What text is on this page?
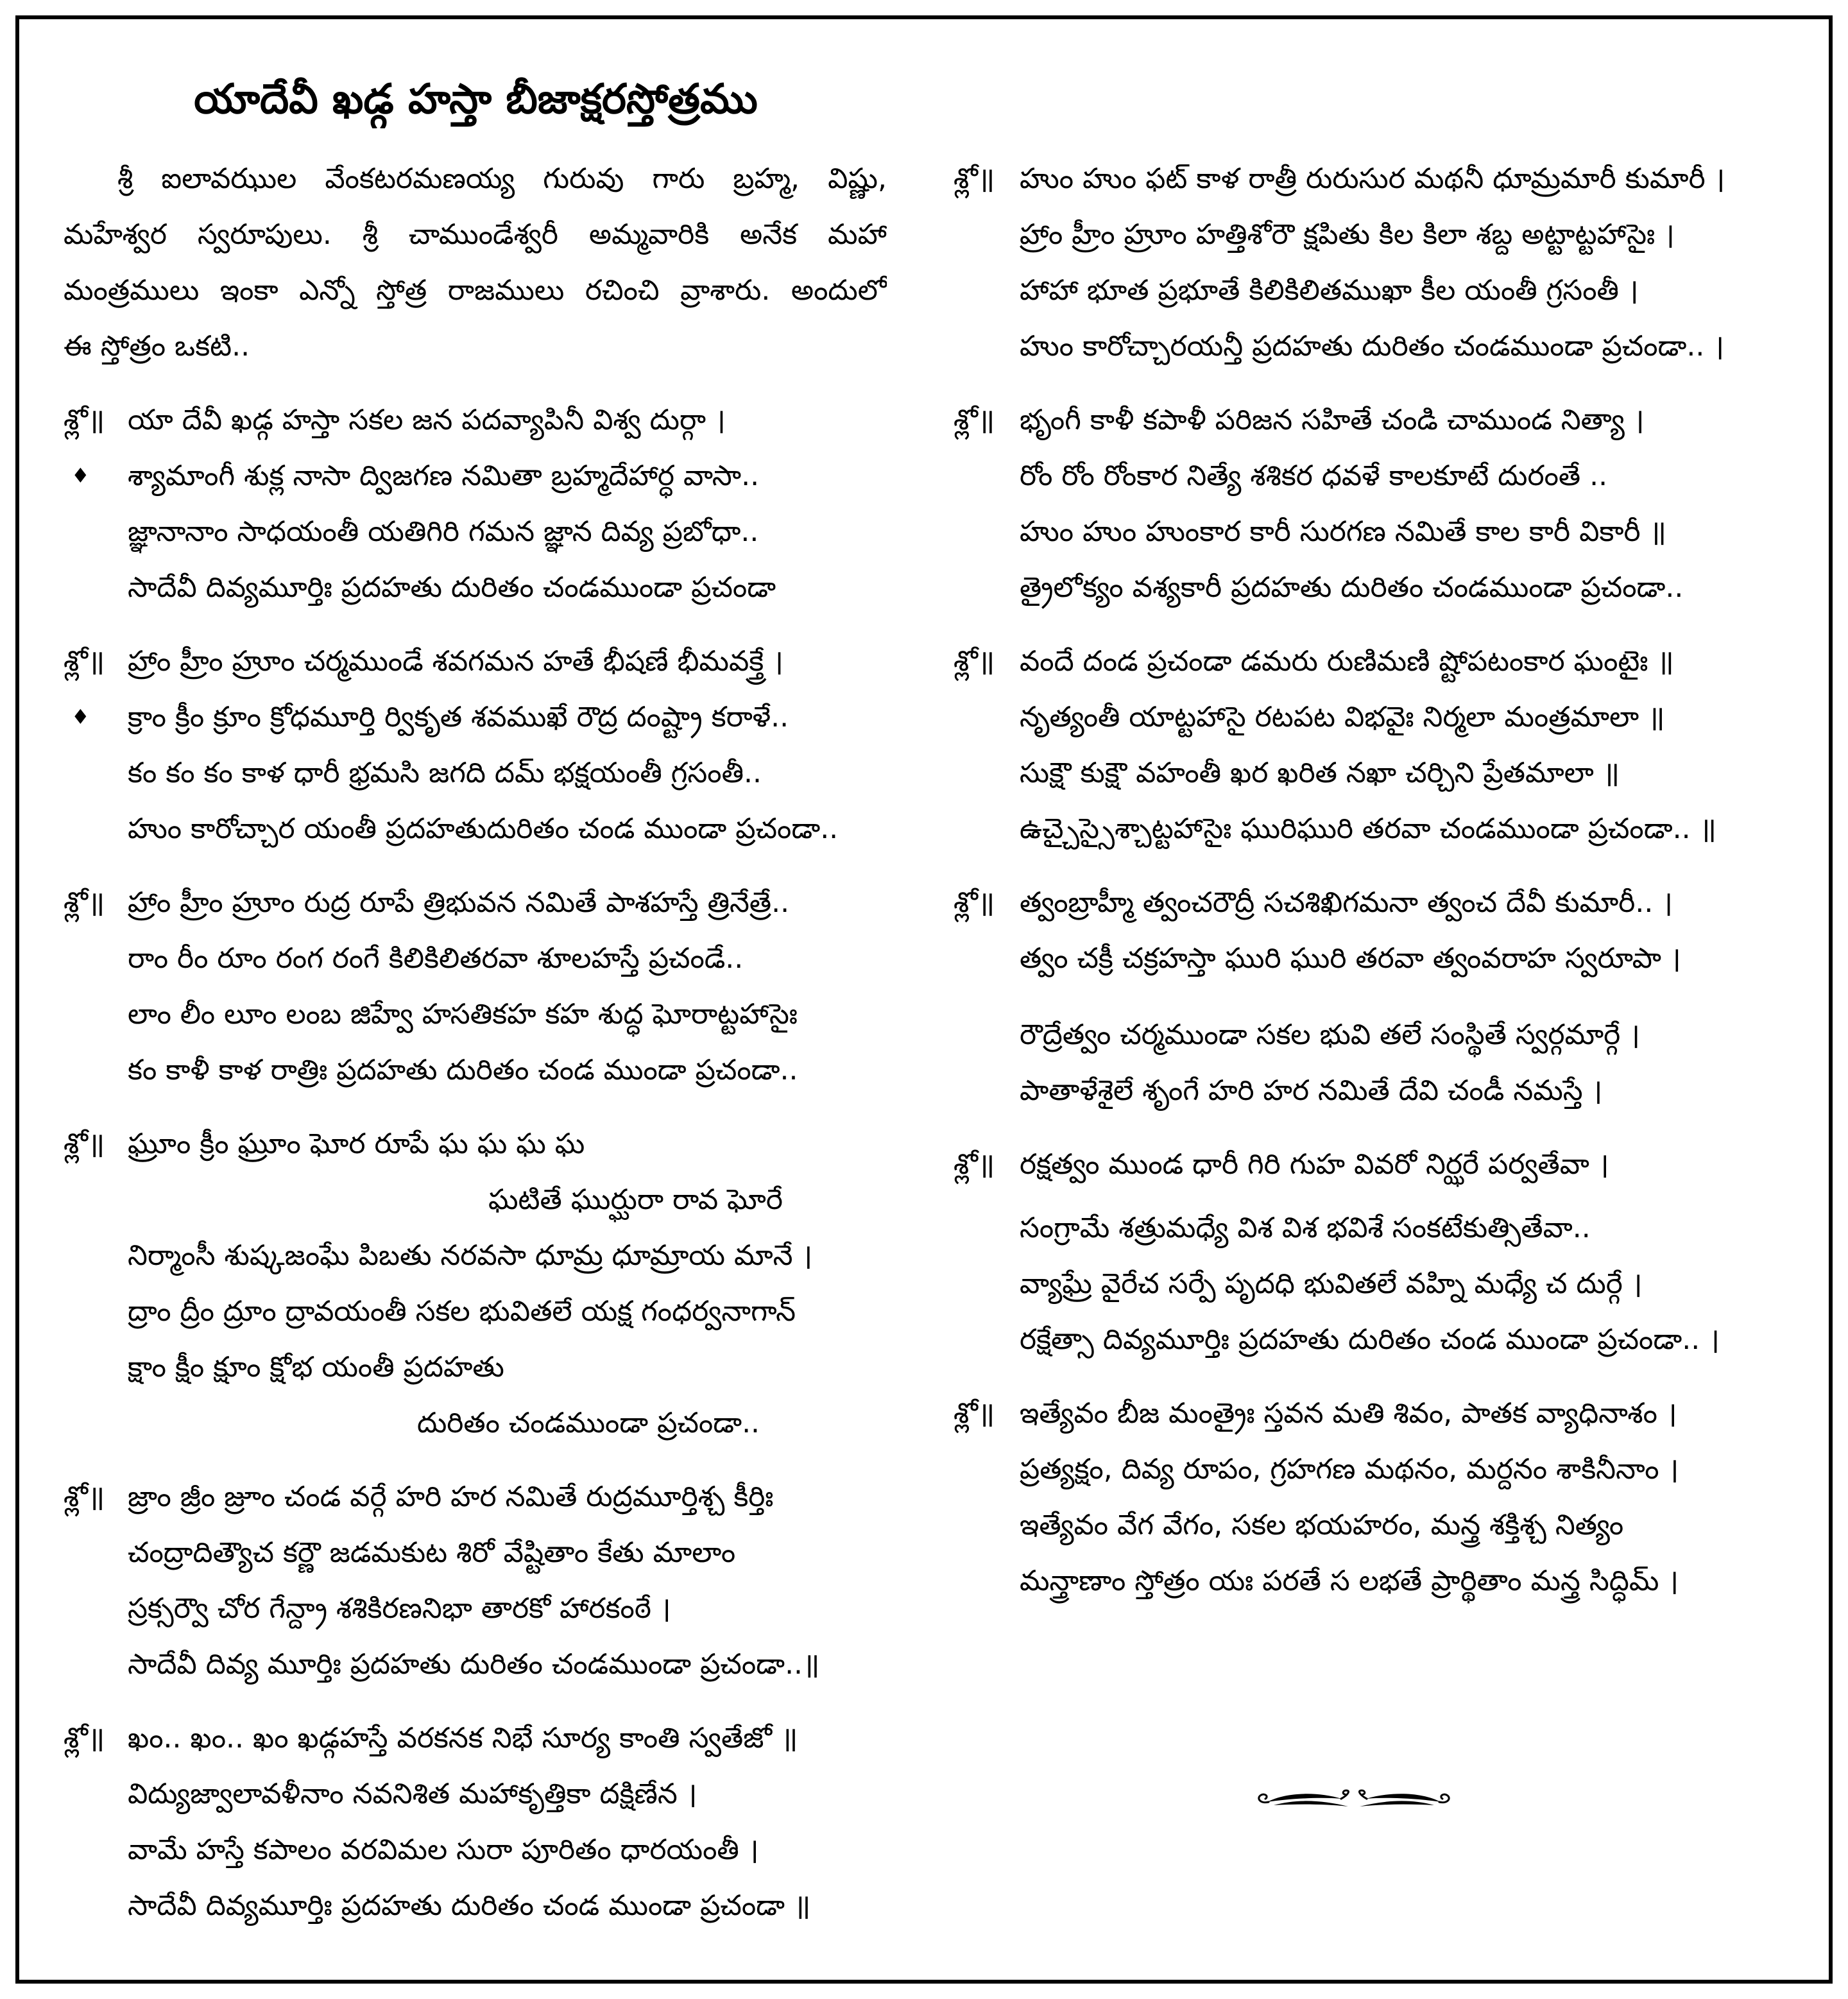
యాదేవీ ఖడ్గ హస్తా బీజాక్షరస్తోత్రము
శ్రీ ఐలావఝుల వేంకటరమణయ్య గురువు గారు బ్రహ్మ, విష్ణు,
మహేశ్వర స్వరూపులు. శ్రీ చాముండేశ్వరీ అమ్మవారికి అనేక మహా
మంత్రములు ఇంకా ఎన్నో స్తోత్ర రాజములు రచించి వ్రాశారు. అందులో
ఈ స్తోత్రం ఒకటి..
శ్లో॥
♦
యా దేవీ ఖడ్గ హస్తా సకల జన పదవ్యాపినీ విశ్వ దుర్గా ।
శ్యామాంగీ శుక్ల నాసా ద్విజగణ నమితా బ్రహ్మదేహార్ధ వాసా..
జ్ఞానానాం సాధయంతీ యతిగిరి గమన జ్ఞాన దివ్య ప్రబోధా..
సాదేవీ దివ్యమూర్తిః ప్రదహతు దురితం చండముండా ప్రచండా
శ్లో॥
♦
హ్రాం హ్రీం హ్రూం చర్మముండే శవగమన హతే భీషణే భీమవక్త్రే ।
క్రాం క్రీం క్రూం క్రోధమూర్తి ర్వికృత శవముఖే రౌద్ర దంష్ట్రా కరాళే..
కం కం కం కాళ ధారీ భ్రమసి జగది దమ్ భక్షయంతీ గ్రసంతీ..
హుం కారోచ్చార యంతీ ప్రదహతుదురితం చండ ముండా ప్రచండా..
శ్లో॥ హ్రాం హ్రీం హ్రూం రుద్ర రూపే త్రిభువన నమితే పాశహస్తే త్రినేత్రే..
రాం రీం రూం రంగ రంగే కిలికిలితరవా శూలహస్తే ప్రచండే..
లాం లీం లూం లంబ జిహ్వే హసతికహ కహ శుద్ధ ఘోరాట్టహాసైః
కం కాళీ కాళ రాత్రిః ప్రదహతు దురితం చండ ముండా ప్రచండా..
శ్లో॥ ఘ్రూం క్రీం ఘ్రూం ఘోర రూపే ఘ ఘ ఘ ఘ
ఘటితే ఘుర్ఘురా రావ ఘోరే
నిర్మాంసీ శుష్కజంఘే పిబతు నరవసా ధూమ్ర ధూమ్రాయ మానే ।
ద్రాం ద్రీం ద్రూం ద్రావయంతీ సకల భువితలే యక్ష గంధర్వనాగాన్
క్షాం క్షీం క్షూం క్షోభ యంతీ ప్రదహతు
దురితం చండముండా ప్రచండా..
శ్లో॥ జ్రాం జ్రీం జ్రూం చండ వర్గే హరి హర నమితే రుద్రమూర్తిశ్చ కీర్తిః
చంద్రాదిత్యౌచ కర్ణౌ జడమకుట శిరో వేష్టితాం కేతు మాలాం
స్రక్సర్వౌ చోర గేన్ద్రా శశికిరణనిభా తారకో హారకంఠే ।
సాదేవీ దివ్య మూర్తిః ప్రదహతు దురితం చండముండా ప్రచండా..॥
శ్లో॥ ఖం.. ఖం.. ఖం ఖడ్గహస్తే వరకనక నిభే సూర్య కాంతి స్వతేజో ॥
విద్యుజ్వాలావళీనాం నవనిశిత మహాకృత్తికా దక్షిణేన ।
వామే హస్తే కపాలం వరవిమల సురా పూరితం ధారయంతీ ।
సాదేవీ దివ్యమూర్తిః ప్రదహతు దురితం చండ ముండా ప్రచండా ॥
శ్లో॥ హుం హుం ఫట్ కాళ రాత్రీ రురుసుర మథనీ ధూమ్రమారీ కుమారీ ।
హ్రాం హ్రీం హ్రూం హత్తిశోరౌ క్షపితు కిల కిలా శబ్ద అట్టాట్టహాసైః ।
హాహా భూత ప్రభూతే కిలికిలితముఖా కీల యంతీ గ్రసంతీ ।
హుం కారోచ్చారయన్తీ ప్రదహతు దురితం చండముండా ప్రచండా.. ।
శ్లో॥ భృంగీ కాళీ కపాళీ పరిజన సహితే చండి చాముండ నిత్యా ।
రోం రోం రోంకార నిత్యే శశికర ధవళే కాలకూటే దురంతే ..
హుం హుం హుంకార కారీ సురగణ నమితే కాల కారీ వికారీ ॥
త్రైలోక్యం వశ్యకారీ ప్రదహతు దురితం చండముండా ప్రచండా..
శ్లో॥ వందే దండ ప్రచండా డమరు రుణిమణి ష్టోపటంకార ఘంటైః ॥
నృత్యంతీ యాట్టహాసై రటపట విభవైః నిర్మలా మంత్రమాలా ॥
సుక్షౌ కుక్షౌ వహంతీ ఖర ఖరిత నఖా చర్చిని ప్రేతమాలా ॥
ఉచ్చైస్సైశ్చాట్టహాసైః ఘురిఘురి తరవా చండముండా ప్రచండా.. ॥
శ్లో॥ త్వంబ్రాహ్మీ త్వంచరౌద్రీ సచశిఖిగమనా త్వంచ దేవీ కుమారీ.. ।
త్వం చక్రీ చక్రహస్తా ఘురి ఘురి తరవా త్వంవరాహ స్వరూపా ।
రౌద్రేత్వం చర్మముండా సకల భువి తలే సంస్థితే స్వర్గమార్గే ।
పాతాళేశైలే శృంగే హరి హర నమితే దేవి చండీ నమస్తే ।
శ్లో॥ రక్షత్వం ముండ ధారీ గిరి గుహ వివరో నిర్ఝరే పర్వతేవా ।
సంగ్రామే శత్రుమధ్యే విశ విశ భవిశే సంకటేకుత్సితేవా..
వ్యాఘ్రే వైరేచ సర్పే పృదధి భువితలే వహ్ని మధ్యే చ దుర్గే ।
రక్షేత్సా దివ్యమూర్తిః ప్రదహతు దురితం చండ ముండా ప్రచండా.. ।
శ్లో॥ ఇత్యేవం బీజ మంత్రైః స్తవన మతి శివం, పాతక వ్యాధినాశం ।
ప్రత్యక్షం, దివ్య రూపం, గ్రహగణ మథనం, మర్దనం శాకినీనాం ।
ఇత్యేవం వేగ వేగం, సకల భయహరం, మన్త్ర శక్తిశ్చ నిత్యం
మన్త్రాణాం స్తోత్రం యః పరతే స లభతే ప్రార్థితాం మన్త్ర సిద్ధిమ్ ।
